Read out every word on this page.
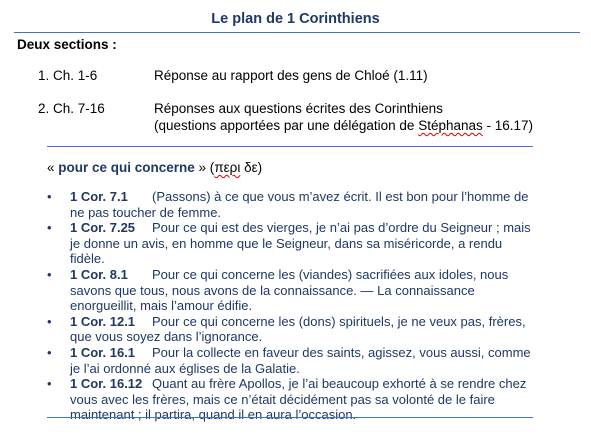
Le plan de 1 Corinthiens
Deux sections :
1. Ch. 1-6	Réponse au rapport des gens de Chloé (1.11)
2. Ch. 7-16	Réponses aux questions écrites des Corinthiens
(questions apportées par une délégation de Stéphanas - 16.17)
« pour ce qui concerne » (περι δε)
• 1 Cor. 7.1 (Passons) à ce que vous m’avez écrit. Il est bon pour l’homme de ne pas toucher de femme.
• 1 Cor. 7.25 Pour ce qui est des vierges, je n’ai pas d’ordre du Seigneur ; mais je donne un avis, en homme que le Seigneur, dans sa miséricorde, a rendu fidèle.
• 1 Cor. 8.1 Pour ce qui concerne les (viandes) sacrifiées aux idoles, nous savons que tous, nous avons de la connaissance. — La connaissance enorgueillit, mais l’amour édifie.
• 1 Cor. 12.1 Pour ce qui concerne les (dons) spirituels, je ne veux pas, frères, que vous soyez dans l’ignorance.
• 1 Cor. 16.1 Pour la collecte en faveur des saints, agissez, vous aussi, comme je l’ai ordonné aux églises de la Galatie.
• 1 Cor. 16.12 Quant au frère Apollos, je l’ai beaucoup exhorté à se rendre chez vous avec les frères, mais ce n’était décidément pas sa volonté de le faire maintenant ; il partira, quand il en aura l’occasion.
